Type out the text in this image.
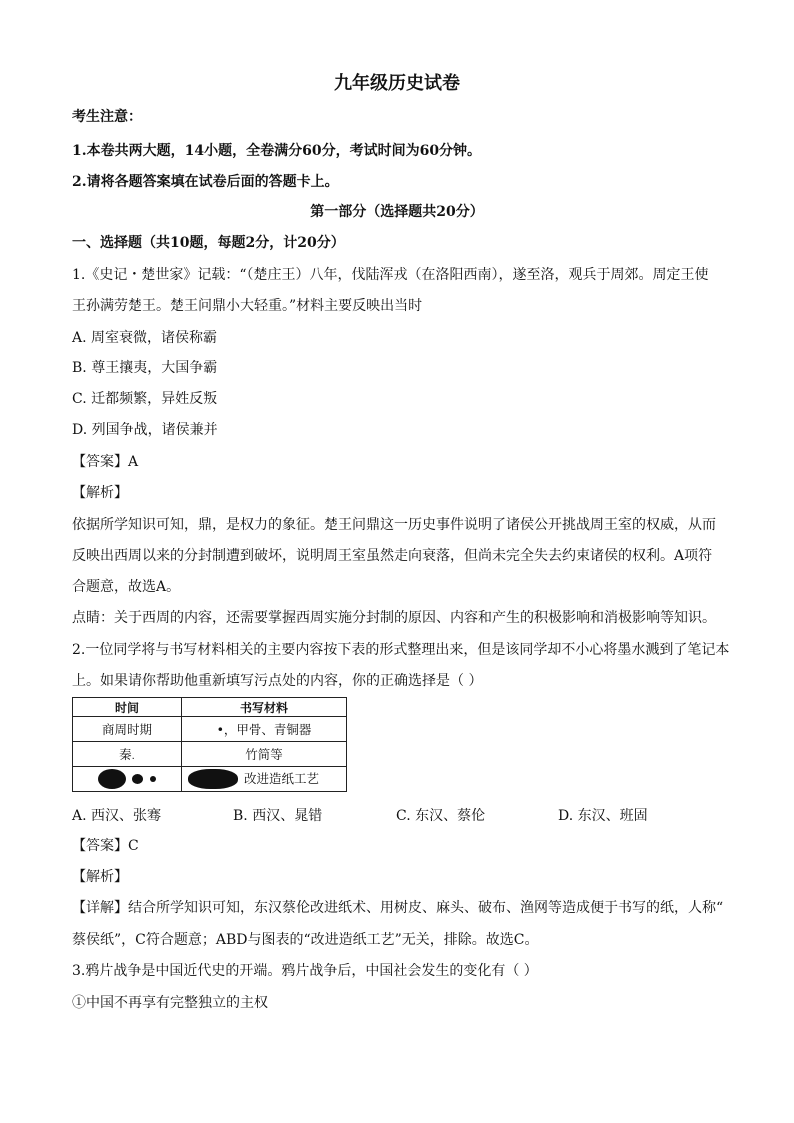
九年级历史试卷
考生注意：
1.本卷共两大题，14小题，全卷满分60分，考试时间为60分钟。
2.请将各题答案填在试卷后面的答题卡上。
第一部分（选择题共20分）
一、选择题（共10题，每题2分，计20分）
1.《史记・楚世家》记载：“（楚庄王）八年，伐陆浑戎（在洛阳西南），遂至洛，观兵于周郊。周定王使
王孙满劳楚王。楚王问鼎小大轻重。”材料主要反映出当时
A. 周室衰微，诸侯称霸
B. 尊王攘夷，大国争霸
C. 迁都频繁，异姓反叛
D. 列国争战，诸侯兼并
【答案】A
【解析】
依据所学知识可知，鼎，是权力的象征。楚王问鼎这一历史事件说明了诸侯公开挑战周王室的权威，从而
反映出西周以来的分封制遭到破坏，说明周王室虽然走向衰落，但尚未完全失去约束诸侯的权利。A项符
合题意，故选A。
点睛：关于西周的内容，还需要掌握西周实施分封制的原因、内容和产生的积极影响和消极影响等知识。
2.一位同学将与书写材料相关的主要内容按下表的形式整理出来，但是该同学却不小心将墨水溅到了笔记本
上。如果请你帮助他重新填写污点处的内容，你的正确选择是（ ）
时间	书写材料
商周时期	•，甲骨、青铜器
秦.	竹简等
	改进造纸工艺
A. 西汉、张骞	B. 西汉、晁错	C. 东汉、蔡伦	D. 东汉、班固
【答案】C
【解析】
【详解】结合所学知识可知，东汉蔡伦改进纸术、用树皮、麻头、破布、渔网等造成便于书写的纸，人称“
蔡侯纸”，C符合题意；ABD与图表的“改进造纸工艺”无关，排除。故选C。
3.鸦片战争是中国近代史的开端。鸦片战争后，中国社会发生的变化有（ ）
①中国不再享有完整独立的主权
